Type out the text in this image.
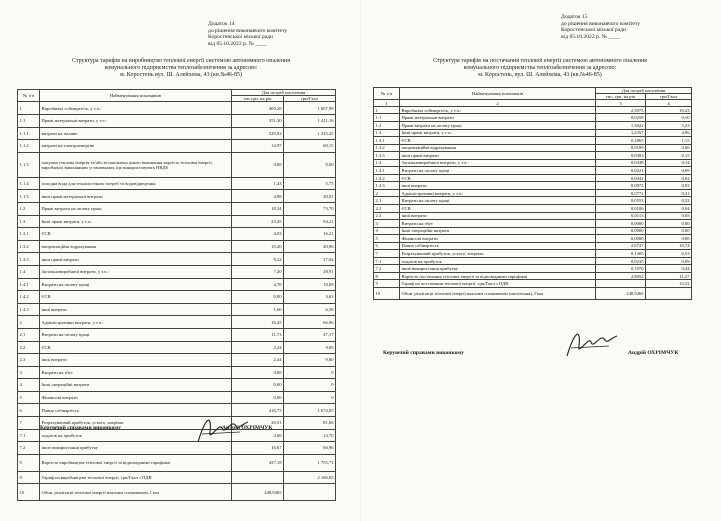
Додаток 14
до рішення виконавчого комітету
Коростенської міської ради
від 05.10.2022 р. № ____
Структура тарифів на виробництво теплової енергії системою автономного опалення
комунального підприємства теплозабезпечення за адресою:
м. Коростень вул. Ш. Алейхема, 43 (кв.№46-85)
№ з/п	Найменування показників	Для потреб населення	
		тис.грн. на рік	грн/Гкал
1	Виробнича собівартість, у т.ч.:	400,20	1 607,99
1.1	Прямі матеріальні витрати, у т.ч.:	351,30	1 411,16
1.1.1	витрати на паливо	329,92	1 325,25
1.1.2	витрати на електроенергію	14,97	60,15
1.1.3	покупна теплова енергія та/або встановлена ціною виконання вартість теплової енергії, виробленої виконанням установками, що використовують НВДЕ	0,00	0,00
1.1.4	холодна вода для технологічних потреб та водовідведення	1,43	5,75
1.1.5	інші прямі матеріальні витрати	4,98	20,01
1.2	Прямі витрати на оплату праці	18,34	73,70
1.3	Інші прямі витрати, у т.ч.:	23,45	94,21
1.3.1	ЄСВ	4,03	16,21
1.3.2	амортизаційні відрахування	10,20	40,96
1.3.3	інші прямі витрати	9,22	37,04
1.4	Загальновиробничі витрати, у т.ч.:	7,20	28,91
1.4.1	Витрати на оплату праці	4,70	18,89
1.4.2	ЄСВ	0,90	3,63
1.4.3	інші витрати	1,60	6,39
2	Адміністративні витрати, у т.ч.:	16,45	66,06
2.1	Витрати на оплату праці	11,73	47,17
2.2	ЄСВ	2,24	9,09
2.3	інші витрати	2,44	9,80
3	Витрати на збут	0,00	0
4	Інші операційні витрати	0,00	0
5	Фінансові витрати	0,00	0
6	Повна собівартість	416,73	1 674,05
7	Розрахунковий прибуток, усього, зокрема:	20,31	81,66
7.1	податок на прибуток	3,66	14,70
7.2	інше використання прибутку	16,67	66,96
8	Вартість виробництва теплової енергії за відповідними тарифами	437,18	1 755,71
9	Тариф на виробництво теплової енергії, грн/Гкал з ПДВ		2 106,85
10	Обсяг реалізації теплової енергії власним споживачам, Гкал	248,9465	
Керуючий справами виконкому	Андрій ОХРІМЧУК
Додаток 15
до рішення виконавчого комітету
Коростенської міської ради
від 05.10.2022 р. № ____
Структура тарифів на постачання теплової енергії системою автономного опалення
комунального підприємства теплозабезпечення за адресою:
м. Коростень, вул. Ш. Алейхема, 43 (кв.№46-85)
№ з/п	Найменування показників	Для потреб населення	
		тис. грн. на рік	грн/Гкал
1	2	3	4
1	Виробнича собівартість, у т.ч.:	2,5975	10,43
1.1	Прямі матеріальні витрати	0,0258	0,10
1.2	Прямі витрати на оплату праці	1,3022	5,23
1.3	Інші прямі витрати, у т.ч.:	1,2357	4,96
1.3.1	ЄСВ	0,2865	1,15
1.3.2	амортизаційні відрахування	0,9109	3,66
1.3.3	інші прямі витрати	0,0383	0,15
1.4	Загальновиробничі витрати, у т.ч.:	0,0338	0,14
1.4.1	Витрати на оплату праці	0,0221	0,09
1.4.2	ЄСВ	0,0042	0,02
1.4.3	інші витрати	0,0075	0,03
2	Адміністративні витрати, у т.ч.:	0,0772	0,31
2.1	Витрати на оплату праці	0,0553	0,22
2.2	ЄСВ	0,0106	0,04
2.3	інші витрати	0,0113	0,05
3	Витрати на збут	0,0000	0,00
4	Інші операційні витрати	0,0000	0,00
5	Фінансові витрати	0,0000	0,00
6	Повна собівартість	2,6747	10,74
7	Розрахунковий прибуток, усього, зокрема:	0,1305	0,53
7.1	податок на прибуток	0,0235	0,09
7.2	інше використання прибутку	0,1070	0,44
8	Вартість постачання теплової енергії за відповідними тарифами	2,8052	11,27
9	Тариф на постачання теплової енергії, грн/Гкал з ПДВ		13,52
10	Обсяг реалізації теплової енергії власним споживачам (населення), Гкал	248,9465	
Керуючий справами виконкому	Андрій ОХРІМЧУК
